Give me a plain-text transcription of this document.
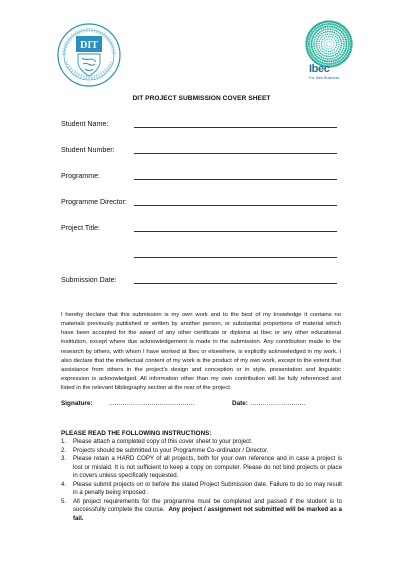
DIT
Ibec
For Irish Business
DIT PROJECT SUBMISSION COVER SHEET
Student Name:
Student Number:
Programme:
Programme Director:
Project Title:
Submission Date:
I hereby declare that this submission is my own work and to the best of my knowledge it contains no materials previously published or written by another person, or substantial proportions of material which have been accepted for the award of any other certificate or diploma at Ibec or any other educational institution, except where due acknowledgement is made in the submission. Any contribution made to the research by others, with whom I have worked at Ibec or elsewhere, is explicitly acknowledged in my work. I also declare that the intellectual content of my work is the product of my own work, except to the extent that assistance from others in the project's design and conception or in style, presentation and linguistic expression is acknowledged. All information other than my own contribution will be fully referenced and listed in the relevant bibliography section at the rear of the project.
Signature: ……………………………………	Date: ………………………
PLEASE READ THE FOLLOWING INSTRUCTIONS:
1.	Please attach a completed copy of this cover sheet to your project.
2.	Projects should be submitted to your Programme Co-ordinator / Director.
3.	Please retain a HARD COPY of all projects, both for your own reference and in case a project is lost or mislaid. It is not sufficient to keep a copy on computer. Please do not bind projects or place in covers unless specifically requested.
4.	Please submit projects on or before the stated Project Submission date. Failure to do so may result in a penalty being imposed .
5.	All project requirements for the programme must be completed and passed if the student is to successfully complete the course. Any project / assignment not submitted will be marked as a fail.
